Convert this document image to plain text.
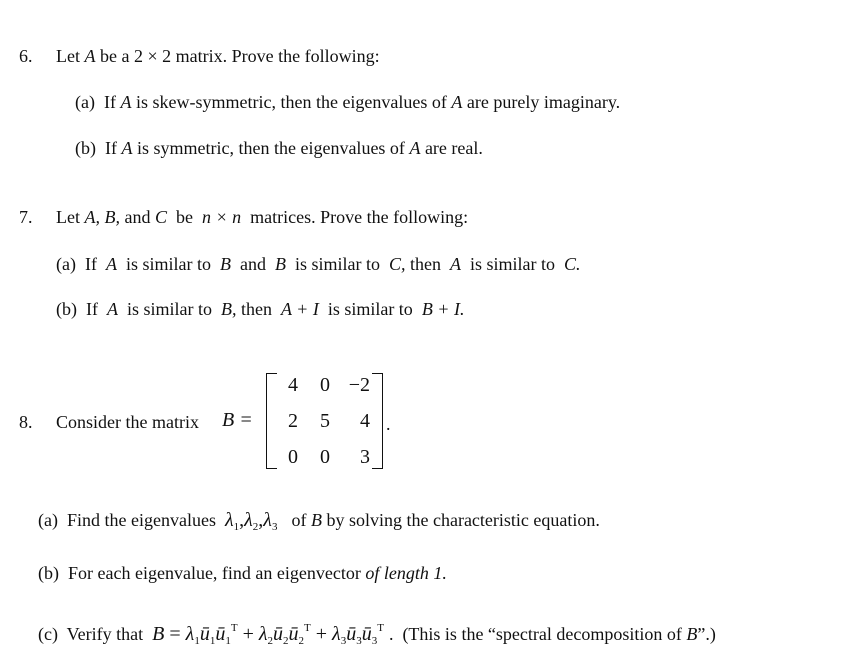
6. Let A be a 2 × 2 matrix. Prove the following:
(a) If A is skew-symmetric, then the eigenvalues of A are purely imaginary.
(b) If A is symmetric, then the eigenvalues of A are real.
7. Let A, B, and C be n × n matrices. Prove the following:
(a) If A is similar to B and B is similar to C, then A is similar to C.
(b) If A is similar to B, then A + I is similar to B + I.
8. Consider the matrix B =
4	0 −2
2	5	4
0	0	3
.
(a) Find the eigenvalues $\lambda_1,\lambda_2,\lambda_3$ of B by solving the characteristic equation.
(b) For each eigenvalue, find an eigenvector of length 1.
(c) Verify that $B = \lambda_1ū_1ū_1^T$ + $\lambda_2ū_2ū_2^T$ + $\lambda_3ū_3ū_3^T$ . (This is the “spectral decomposition of B”.)
